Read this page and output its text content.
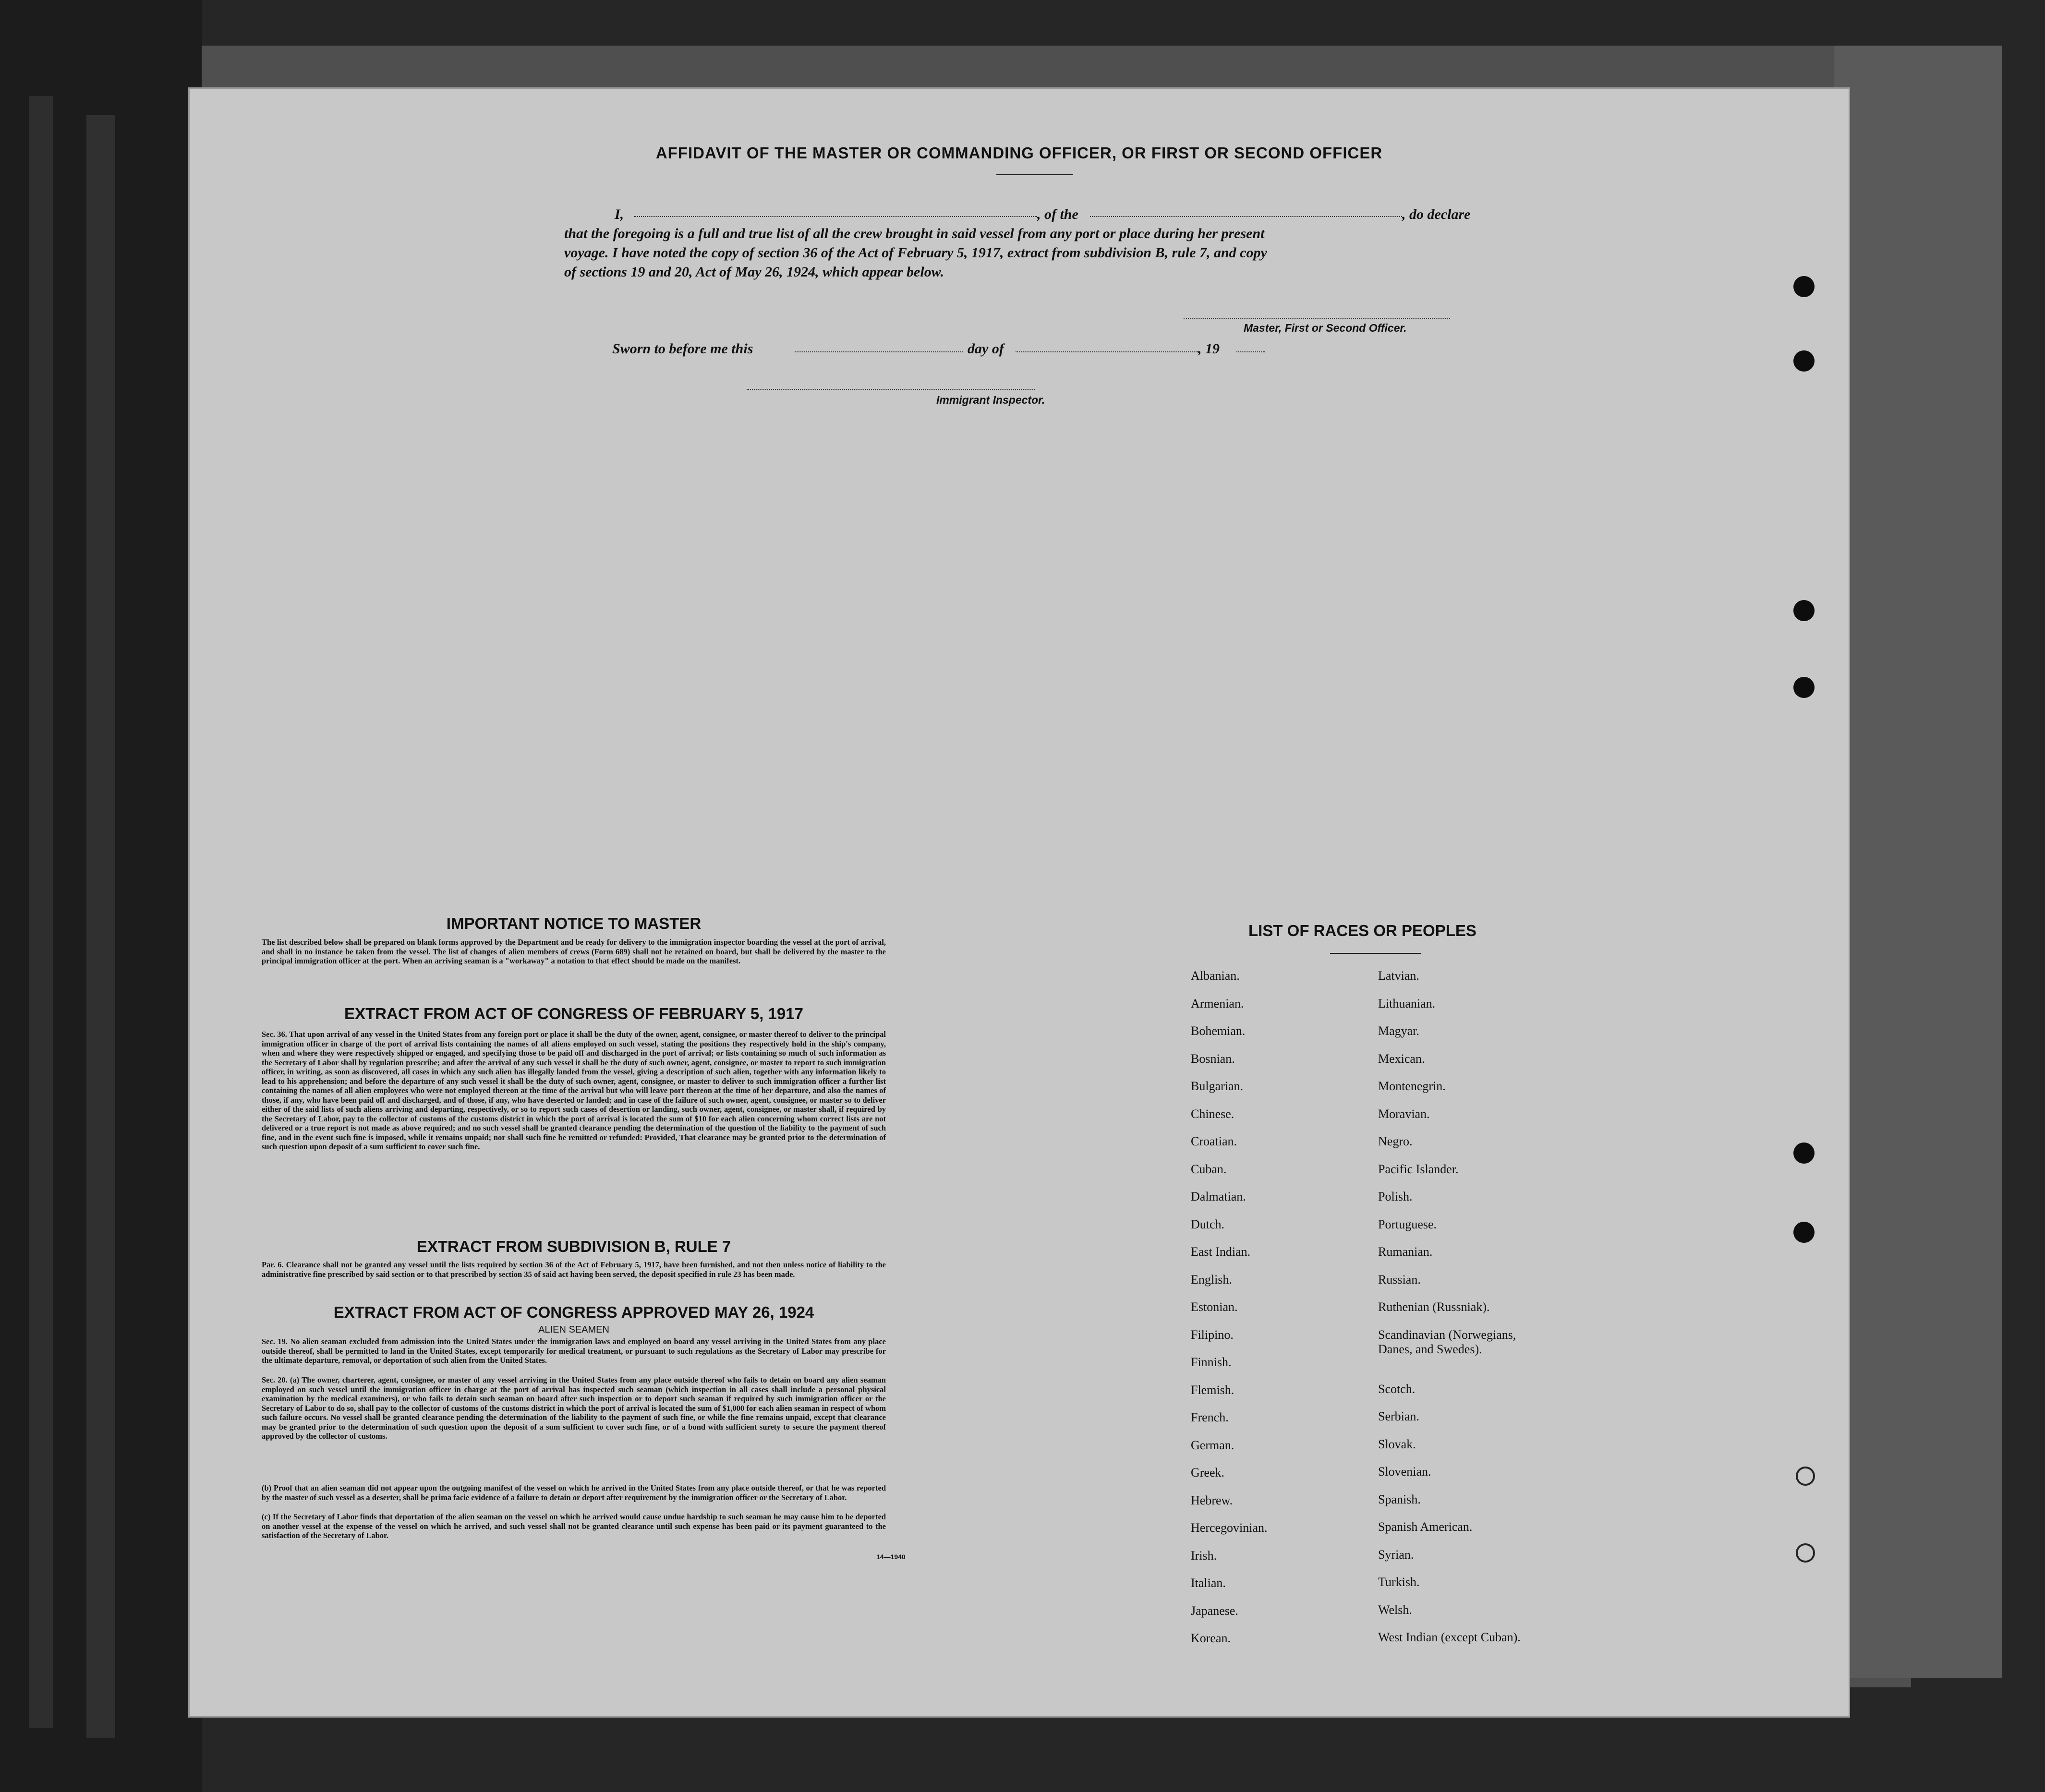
AFFIDAVIT OF THE MASTER OR COMMANDING OFFICER, OR FIRST OR SECOND OFFICER
I,	, of the	, do declare
that the foregoing is a full and true list of all the crew brought in said vessel from any port or place during her present
voyage. I have noted the copy of section 36 of the Act of February 5, 1917, extract from subdivision B, rule 7, and copy
of sections 19 and 20, Act of May 26, 1924, which appear below.
Master, First or Second Officer.
Sworn to before me this	day of	, 19
Immigrant Inspector.
IMPORTANT NOTICE TO MASTER
The list described below shall be prepared on blank forms approved by the Department and be ready for delivery to the immigration inspector boarding the vessel at the port of arrival, and shall in no instance be taken from the vessel. The list of changes of alien members of crews (Form 689) shall not be retained on board, but shall be delivered by the master to the principal immigration officer at the port. When an arriving seaman is a "workaway" a notation to that effect should be made on the manifest.
EXTRACT FROM ACT OF CONGRESS OF FEBRUARY 5, 1917
Sec. 36. That upon arrival of any vessel in the United States from any foreign port or place it shall be the duty of the owner, agent, consignee, or master thereof to deliver to the principal immigration officer in charge of the port of arrival lists containing the names of all aliens employed on such vessel, stating the positions they respectively hold in the ship's company, when and where they were respectively shipped or engaged, and specifying those to be paid off and discharged in the port of arrival; or lists containing so much of such information as the Secretary of Labor shall by regulation prescribe; and after the arrival of any such vessel it shall be the duty of such owner, agent, consignee, or master to report to such immigration officer, in writing, as soon as discovered, all cases in which any such alien has illegally landed from the vessel, giving a description of such alien, together with any information likely to lead to his apprehension; and before the departure of any such vessel it shall be the duty of such owner, agent, consignee, or master to deliver to such immigration officer a further list containing the names of all alien employees who were not employed thereon at the time of the arrival but who will leave port thereon at the time of her departure, and also the names of those, if any, who have been paid off and discharged, and of those, if any, who have deserted or landed; and in case of the failure of such owner, agent, consignee, or master so to deliver either of the said lists of such aliens arriving and departing, respectively, or so to report such cases of desertion or landing, such owner, agent, consignee, or master shall, if required by the Secretary of Labor, pay to the collector of customs of the customs district in which the port of arrival is located the sum of $10 for each alien concerning whom correct lists are not delivered or a true report is not made as above required; and no such vessel shall be granted clearance pending the determination of the question of the liability to the payment of such fine, and in the event such fine is imposed, while it remains unpaid; nor shall such fine be remitted or refunded: Provided, That clearance may be granted prior to the determination of such question upon deposit of a sum sufficient to cover such fine.
EXTRACT FROM SUBDIVISION B, RULE 7
Par. 6. Clearance shall not be granted any vessel until the lists required by section 36 of the Act of February 5, 1917, have been furnished, and not then unless notice of liability to the administrative fine prescribed by said section or to that prescribed by section 35 of said act having been served, the deposit specified in rule 23 has been made.
EXTRACT FROM ACT OF CONGRESS APPROVED MAY 26, 1924
ALIEN SEAMEN
Sec. 19. No alien seaman excluded from admission into the United States under the immigration laws and employed on board any vessel arriving in the United States from any place outside thereof, shall be permitted to land in the United States, except temporarily for medical treatment, or pursuant to such regulations as the Secretary of Labor may prescribe for the ultimate departure, removal, or deportation of such alien from the United States.
Sec. 20. (a) The owner, charterer, agent, consignee, or master of any vessel arriving in the United States from any place outside thereof who fails to detain on board any alien seaman employed on such vessel until the immigration officer in charge at the port of arrival has inspected such seaman (which inspection in all cases shall include a personal physical examination by the medical examiners), or who fails to detain such seaman on board after such inspection or to deport such seaman if required by such immigration officer or the Secretary of Labor to do so, shall pay to the collector of customs of the customs district in which the port of arrival is located the sum of $1,000 for each alien seaman in respect of whom such failure occurs. No vessel shall be granted clearance pending the determination of the liability to the payment of such fine, or while the fine remains unpaid, except that clearance may be granted prior to the determination of such question upon the deposit of a sum sufficient to cover such fine, or of a bond with sufficient surety to secure the payment thereof approved by the collector of customs.
(b) Proof that an alien seaman did not appear upon the outgoing manifest of the vessel on which he arrived in the United States from any place outside thereof, or that he was reported by the master of such vessel as a deserter, shall be prima facie evidence of a failure to detain or deport after requirement by the immigration officer or the Secretary of Labor.
(c) If the Secretary of Labor finds that deportation of the alien seaman on the vessel on which he arrived would cause undue hardship to such seaman he may cause him to be deported on another vessel at the expense of the vessel on which he arrived, and such vessel shall not be granted clearance until such expense has been paid or its payment guaranteed to the satisfaction of the Secretary of Labor.
14—1940
LIST OF RACES OR PEOPLES
Albanian.
Armenian.
Bohemian.
Bosnian.
Bulgarian.
Chinese.
Croatian.
Cuban.
Dalmatian.
Dutch.
East Indian.
English.
Estonian.
Filipino.
Finnish.
Flemish.
French.
German.
Greek.
Hebrew.
Hercegovinian.
Irish.
Italian.
Japanese.
Korean.
Latvian.
Lithuanian.
Magyar.
Mexican.
Montenegrin.
Moravian.
Negro.
Pacific Islander.
Polish.
Portuguese.
Rumanian.
Russian.
Ruthenian (Russniak).
Scandinavian (Norwegians, Danes, and Swedes).
Scotch.
Serbian.
Slovak.
Slovenian.
Spanish.
Spanish American.
Syrian.
Turkish.
Welsh.
West Indian (except Cuban).
